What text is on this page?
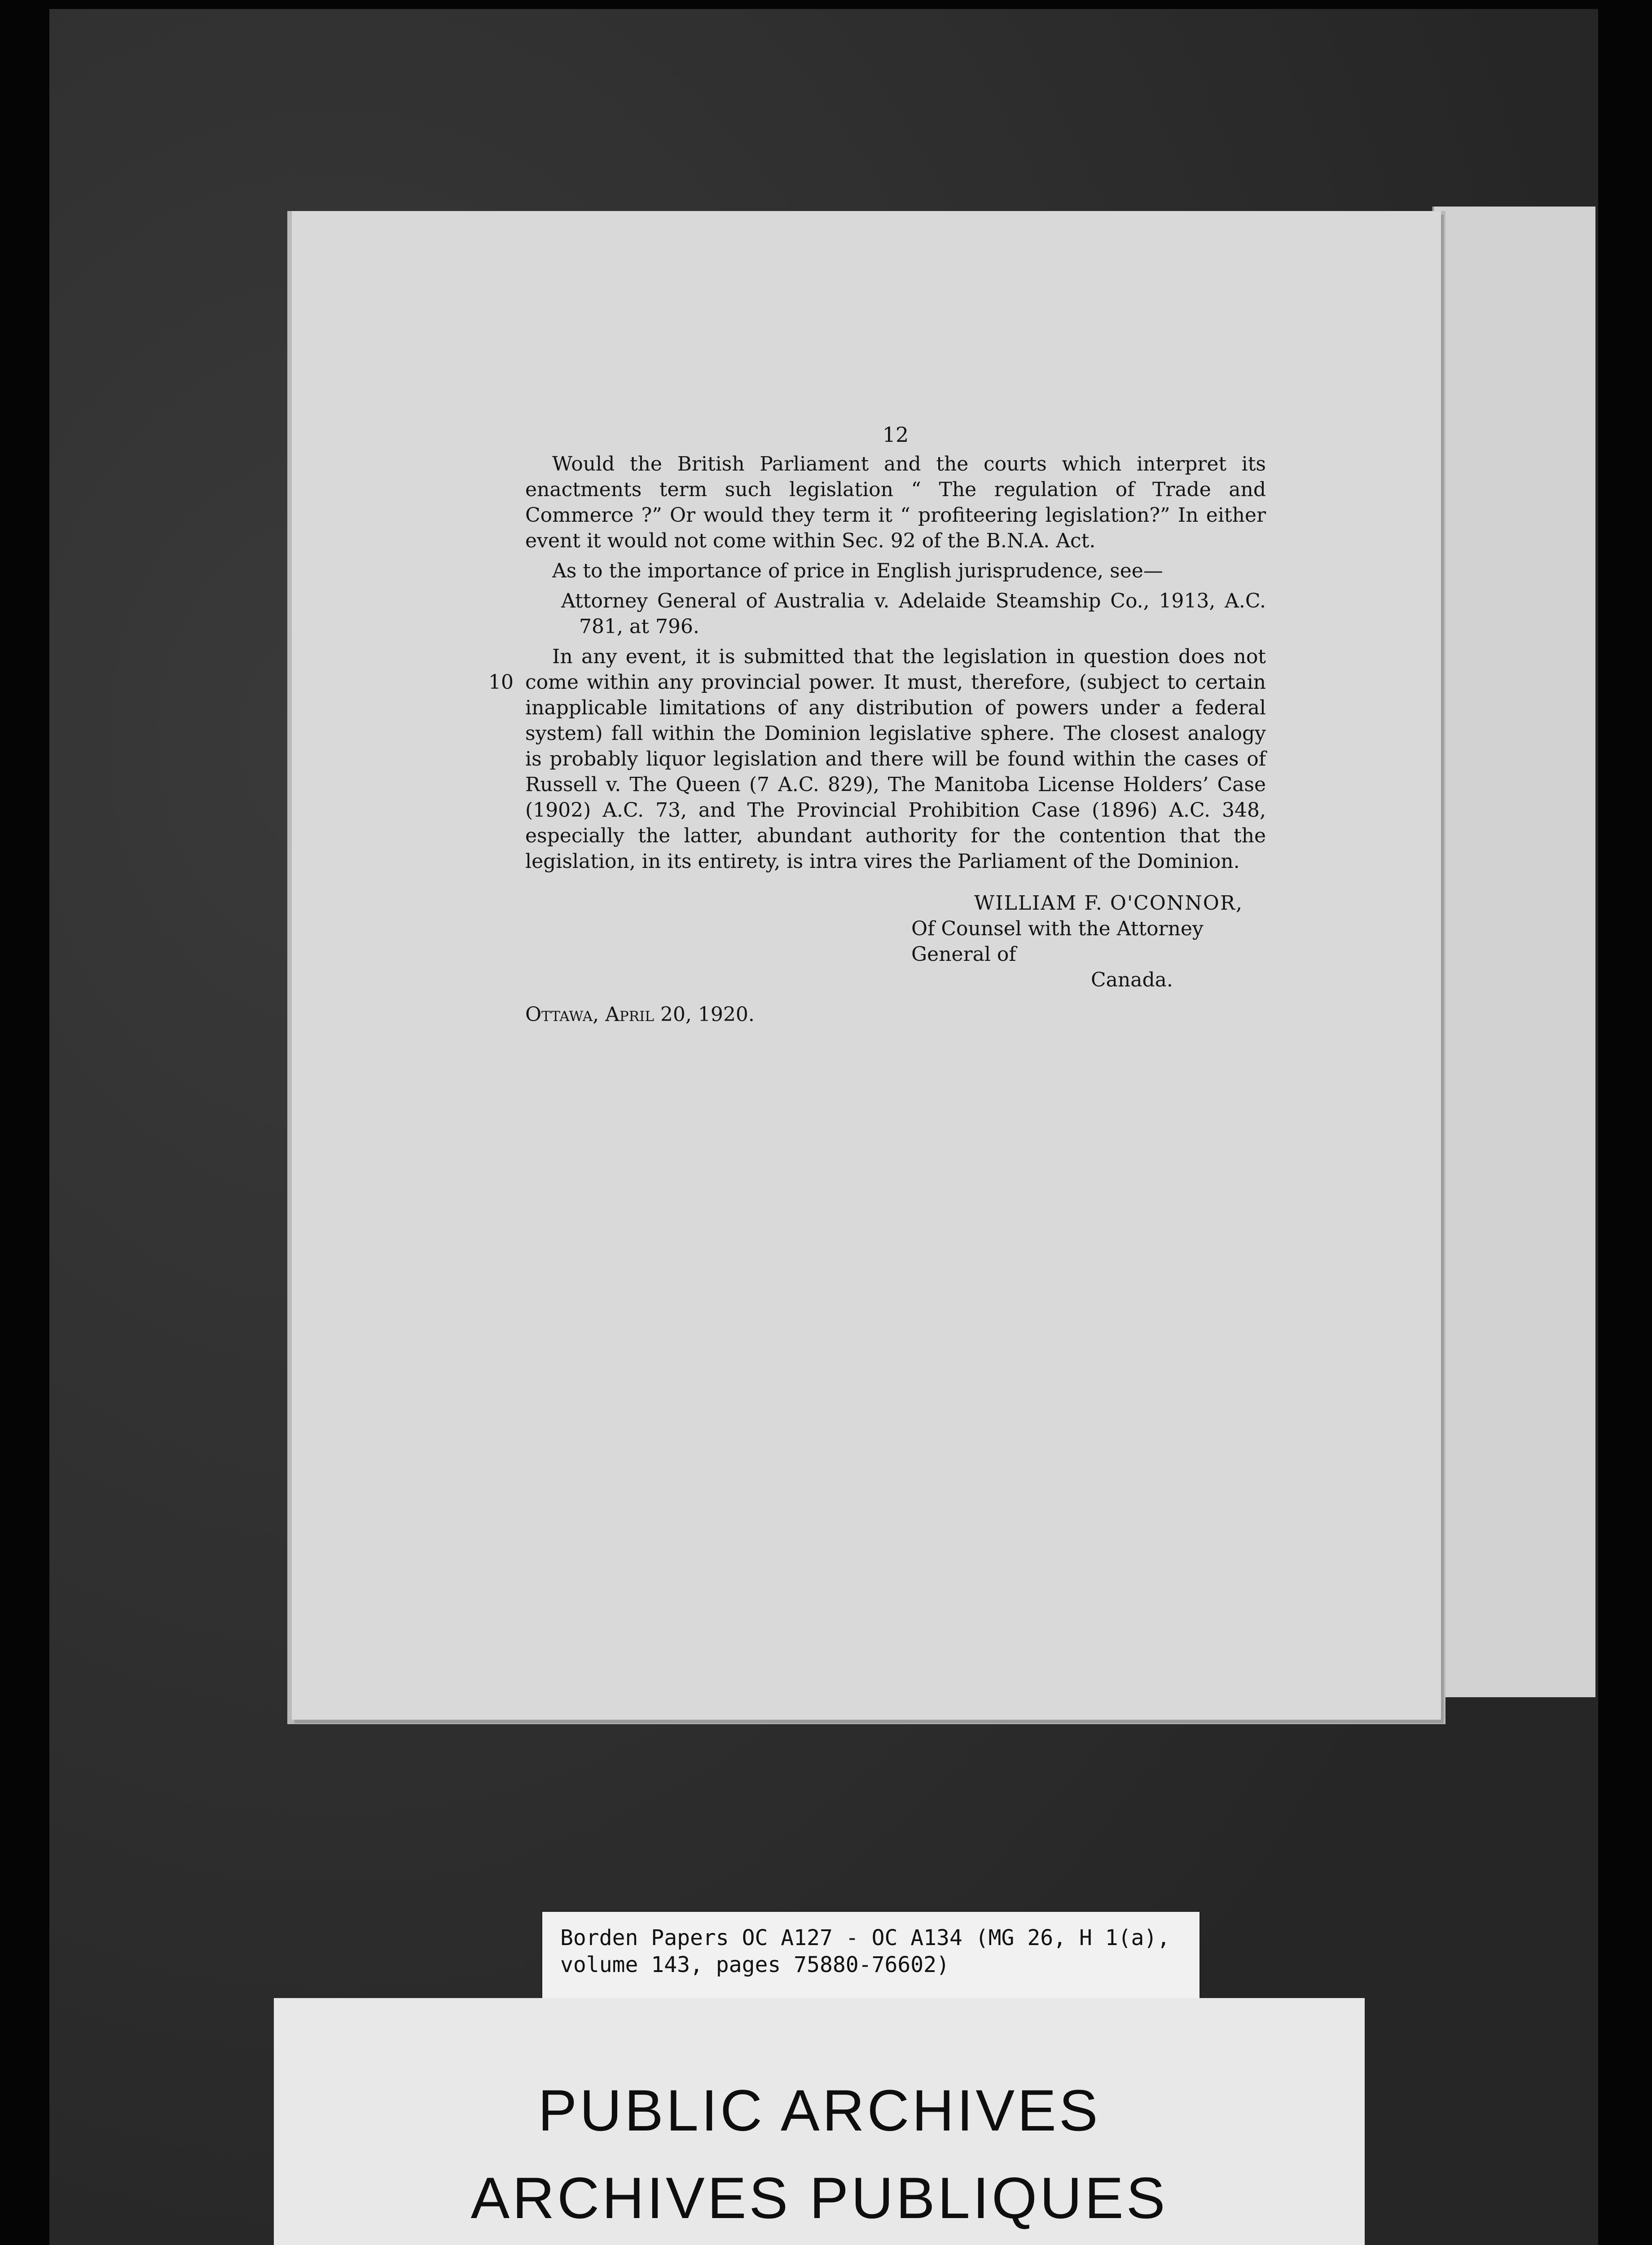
12

Would the British Parliament and the courts which interpret its enactments term such legislation “ The regulation of Trade and Commerce ?” Or would they term it “ profiteering legislation?” In either event it would not come within Sec. 92 of the B.N.A. Act.

As to the importance of price in English jurisprudence, see—

Attorney General of Australia v. Adelaide Steamship Co., 1913, A.C. 781, at 796.

10

In any event, it is submitted that the legislation in question does not come within any provincial power. It must, therefore, (subject to certain inapplicable limitations of any distribution of powers under a federal system) fall within the Dominion legislative sphere. The closest analogy is probably liquor legislation and there will be found within the cases of Russell v. The Queen (7 A.C. 829), The Manitoba License Holders’ Case (1902) A.C. 73, and The Provincial Prohibition Case (1896) A.C. 348, especially the latter, abundant authority for the contention that the legislation, in its entirety, is intra vires the Parliament of the Dominion.

WILLIAM F. O'CONNOR,
Of Counsel with the Attorney General of
Canada.
Ottawa, April 20, 1920.
Borden Papers OC A127 - OC A134 (MG 26, H 1(a),
volume 143, pages 75880-76602)
PUBLIC ARCHIVES
ARCHIVES PUBLIQUES
